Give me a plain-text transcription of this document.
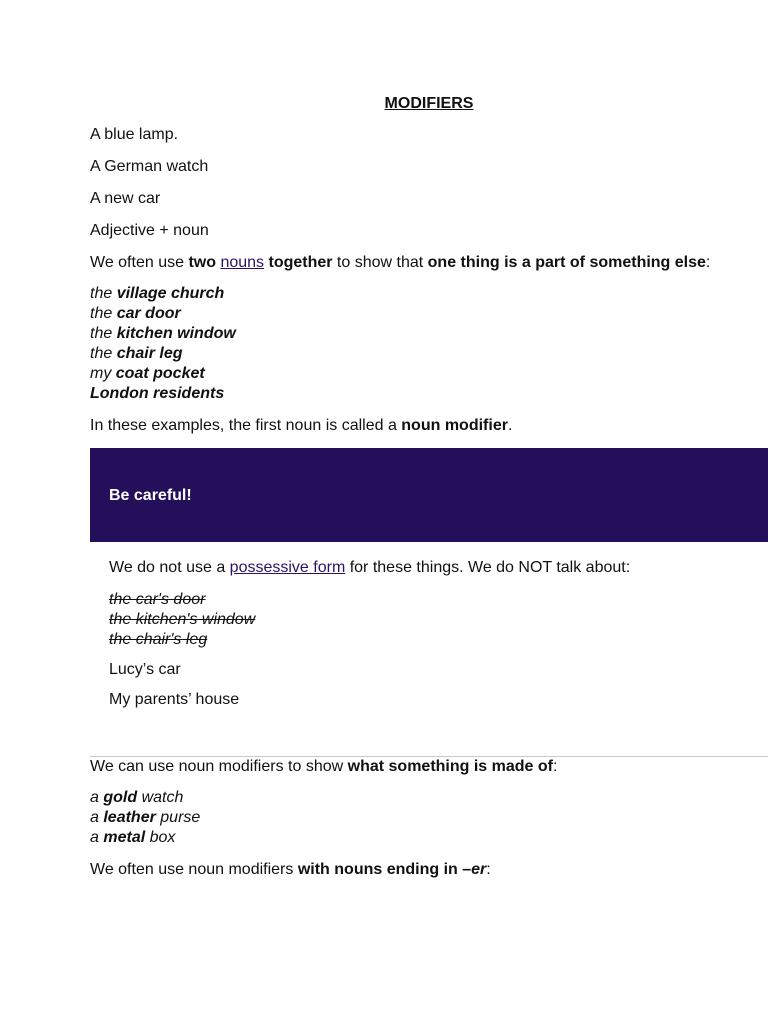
MODIFIERS

A blue lamp.

A German watch

A new car

Adjective + noun

We often use two nouns together to show that one thing is a part of something else:

the village church
the car door
the kitchen window
the chair leg
my coat pocket
London residents

In these examples, the first noun is called a noun modifier.

Be careful!

We do not use a possessive form for these things. We do NOT talk about:

the car's door
the kitchen's window
the chair's leg

Lucy’s car

My parents’ house

We can use noun modifiers to show what something is made of:

a gold watch
a leather purse
a metal box

We often use noun modifiers with nouns ending in –er:
